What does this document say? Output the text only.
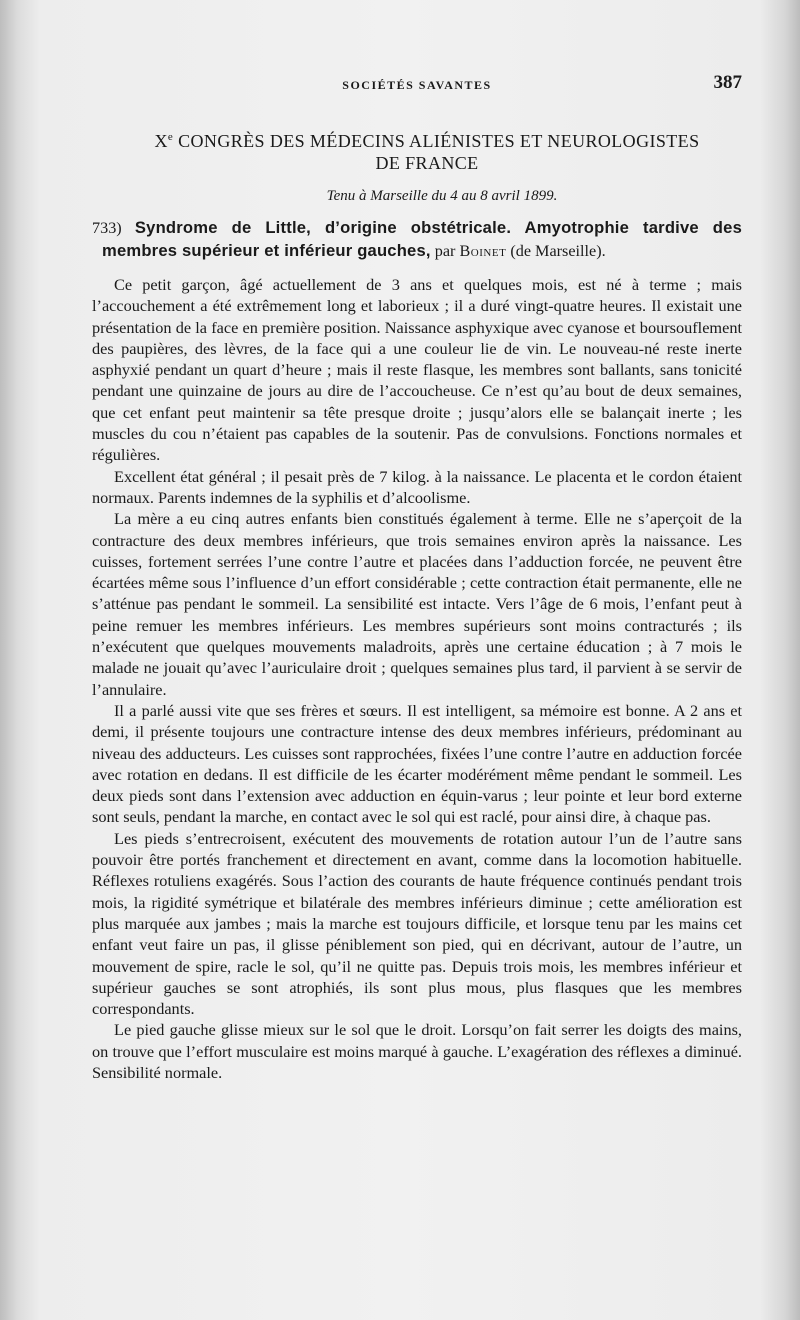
SOCIÉTÉS SAVANTES	387
Xe CONGRÈS DES MÉDECINS ALIÉNISTES ET NEUROLOGISTES
DE FRANCE
Tenu à Marseille du 4 au 8 avril 1899.

733) Syndrome de Little, d’origine obstétricale. Amyotrophie tardive des membres supérieur et inférieur gauches, par Boinet (de Marseille).

Ce petit garçon, âgé actuellement de 3 ans et quelques mois, est né à terme ; mais l’accouchement a été extrêmement long et laborieux ; il a duré vingt-quatre heures. Il existait une présentation de la face en première position. Naissance asphyxique avec cyanose et boursouflement des paupières, des lèvres, de la face qui a une couleur lie de vin. Le nouveau-né reste inerte asphyxié pendant un quart d’heure ; mais il reste flasque, les membres sont ballants, sans tonicité pendant une quinzaine de jours au dire de l’accoucheuse. Ce n’est qu’au bout de deux semaines, que cet enfant peut maintenir sa tête presque droite ; jusqu’alors elle se balançait inerte ; les muscles du cou n’étaient pas capables de la soutenir. Pas de convulsions. Fonctions normales et régulières.

Excellent état général ; il pesait près de 7 kilog. à la naissance. Le placenta et le cordon étaient normaux. Parents indemnes de la syphilis et d’alcoolisme.

La mère a eu cinq autres enfants bien constitués également à terme. Elle ne s’aperçoit de la contracture des deux membres inférieurs, que trois semaines environ après la naissance. Les cuisses, fortement serrées l’une contre l’autre et placées dans l’adduction forcée, ne peuvent être écartées même sous l’influence d’un effort considérable ; cette contraction était permanente, elle ne s’atténue pas pendant le sommeil. La sensibilité est intacte. Vers l’âge de 6 mois, l’enfant peut à peine remuer les membres inférieurs. Les membres supérieurs sont moins contracturés ; ils n’exécutent que quelques mouvements maladroits, après une certaine éducation ; à 7 mois le malade ne jouait qu’avec l’auriculaire droit ; quelques semaines plus tard, il parvient à se servir de l’annulaire.

Il a parlé aussi vite que ses frères et sœurs. Il est intelligent, sa mémoire est bonne. A 2 ans et demi, il présente toujours une contracture intense des deux membres inférieurs, prédominant au niveau des adducteurs. Les cuisses sont rapprochées, fixées l’une contre l’autre en adduction forcée avec rotation en dedans. Il est difficile de les écarter modérément même pendant le sommeil. Les deux pieds sont dans l’extension avec adduction en équin-varus ; leur pointe et leur bord externe sont seuls, pendant la marche, en contact avec le sol qui est raclé, pour ainsi dire, à chaque pas.

Les pieds s’entrecroisent, exécutent des mouvements de rotation autour l’un de l’autre sans pouvoir être portés franchement et directement en avant, comme dans la locomotion habituelle. Réflexes rotuliens exagérés. Sous l’action des courants de haute fréquence continués pendant trois mois, la rigidité symétrique et bilatérale des membres inférieurs diminue ; cette amélioration est plus marquée aux jambes ; mais la marche est toujours difficile, et lorsque tenu par les mains cet enfant veut faire un pas, il glisse péniblement son pied, qui en décrivant, autour de l’autre, un mouvement de spire, racle le sol, qu’il ne quitte pas. Depuis trois mois, les membres inférieur et supérieur gauches se sont atrophiés, ils sont plus mous, plus flasques que les membres correspondants.

Le pied gauche glisse mieux sur le sol que le droit. Lorsqu’on fait serrer les doigts des mains, on trouve que l’effort musculaire est moins marqué à gauche. L’exagération des réflexes a diminué. Sensibilité normale.
